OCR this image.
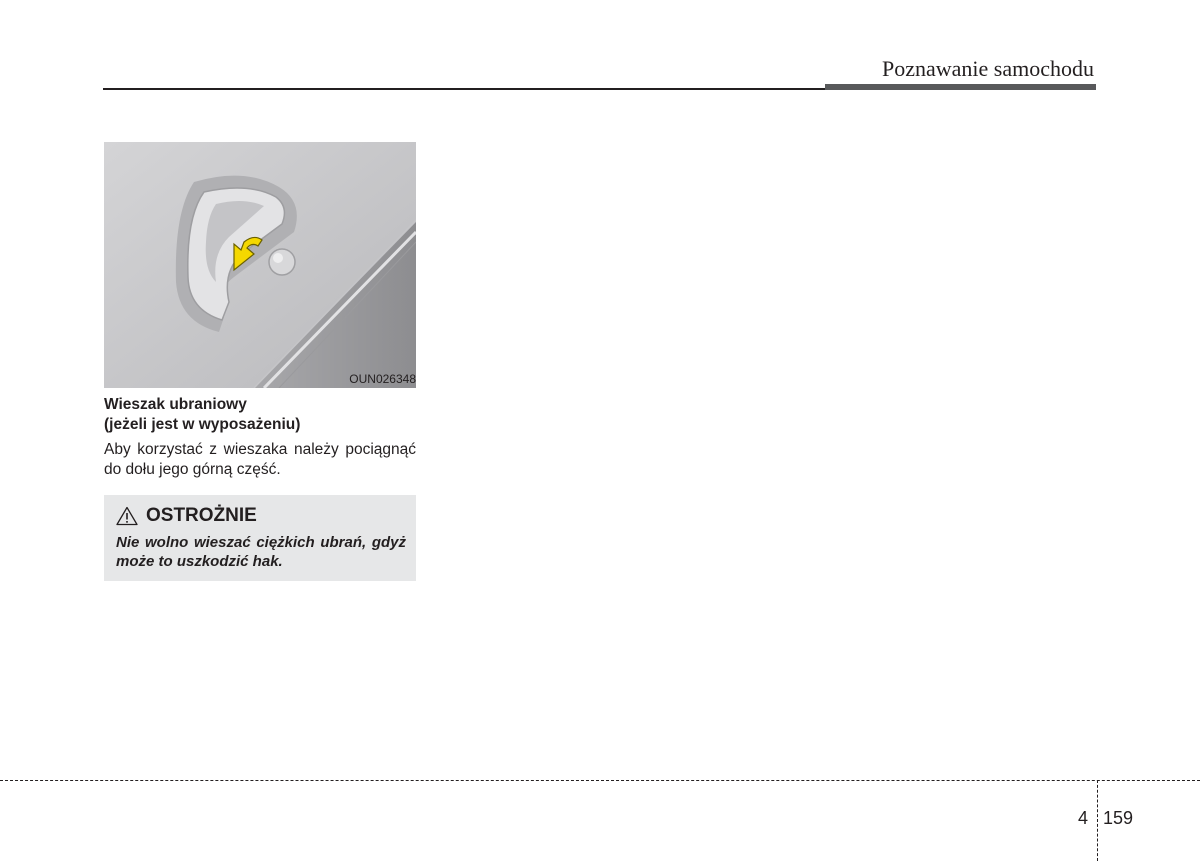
Poznawanie samochodu
OUN026348
Wieszak ubraniowy
(jeżeli jest w wyposażeniu)

Aby korzystać z wieszaka należy pociągnąć do dołu jego górną część.

OSTROŻNIE

Nie wolno wieszać ciężkich ubrań, gdyż może to uszkodzić hak.

4 159
